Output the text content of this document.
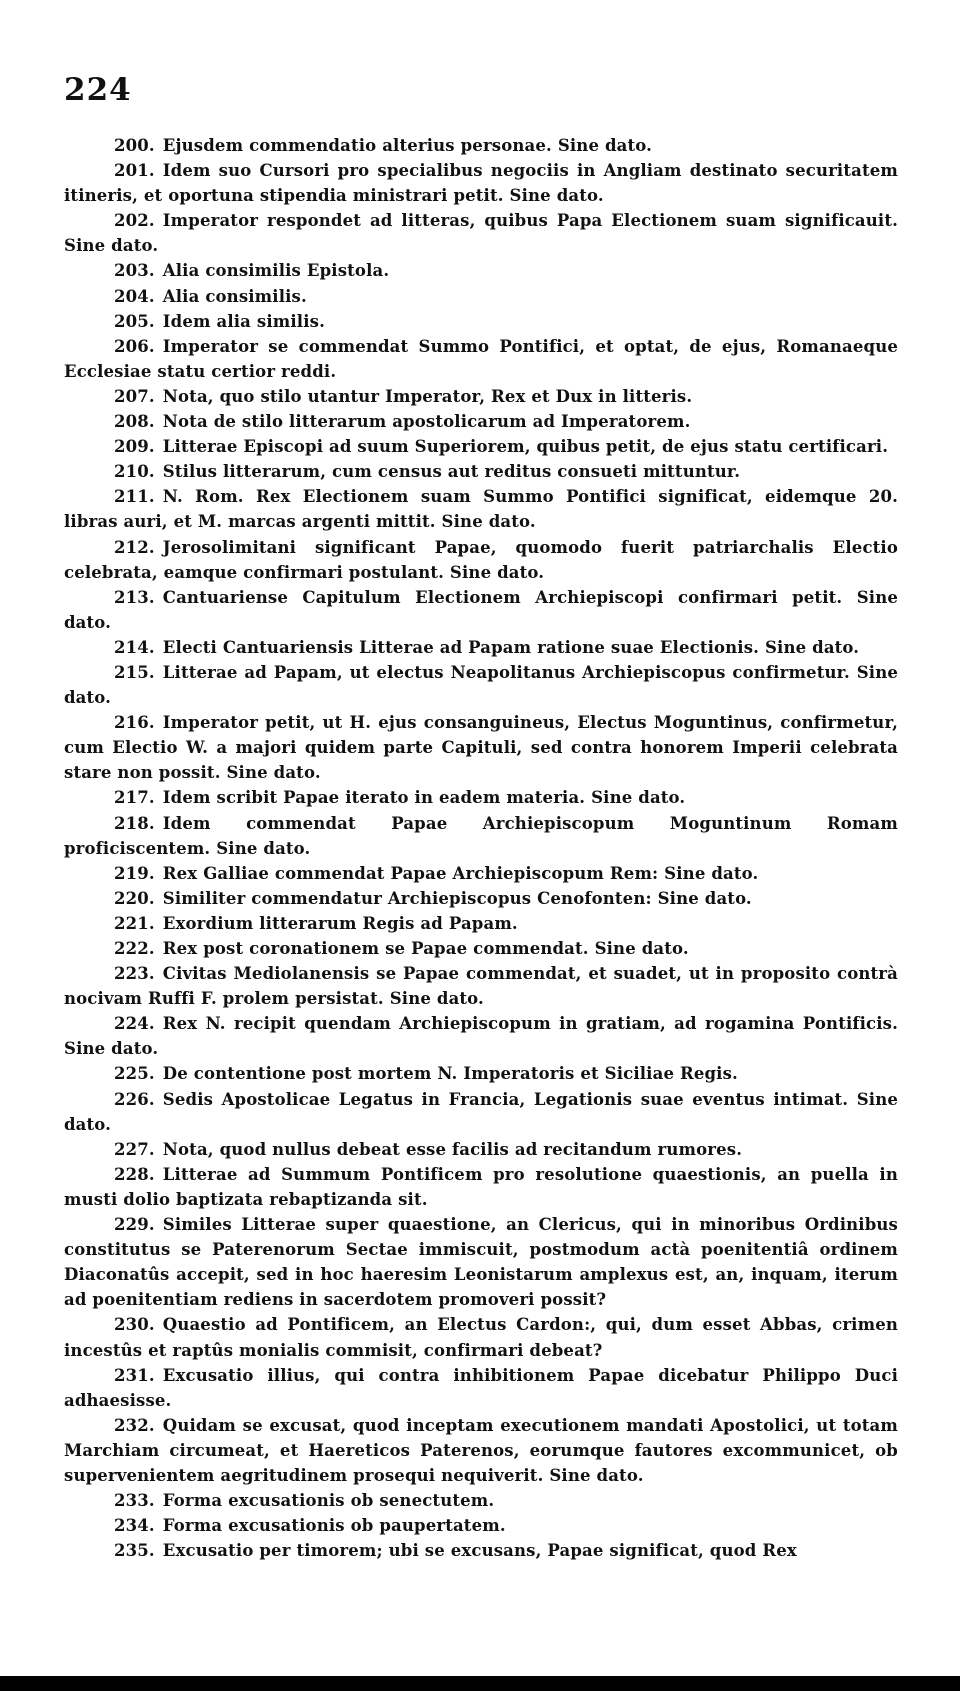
224

200. Ejusdem commendatio alterius personae. Sine dato.

201. Idem suo Cursori pro specialibus negociis in Angliam destinato securitatem itineris, et oportuna stipendia ministrari petit. Sine dato.

202. Imperator respondet ad litteras, quibus Papa Electionem suam significauit. Sine dato.

203. Alia consimilis Epistola.

204. Alia consimilis.

205. Idem alia similis.

206. Imperator se commendat Summo Pontifici, et optat, de ejus, Romanaeque Ecclesiae statu certior reddi.

207. Nota, quo stilo utantur Imperator, Rex et Dux in litteris.

208. Nota de stilo litterarum apostolicarum ad Imperatorem.

209. Litterae Episcopi ad suum Superiorem, quibus petit, de ejus statu certificari.

210. Stilus litterarum, cum census aut reditus consueti mittuntur.

211. N. Rom. Rex Electionem suam Summo Pontifici significat, eidemque 20. libras auri, et M. marcas argenti mittit. Sine dato.

212. Jerosolimitani significant Papae, quomodo fuerit patriarchalis Electio celebrata, eamque confirmari postulant. Sine dato.

213. Cantuariense Capitulum Electionem Archiepiscopi confirmari petit. Sine dato.

214. Electi Cantuariensis Litterae ad Papam ratione suae Electionis. Sine dato.

215. Litterae ad Papam, ut electus Neapolitanus Archiepiscopus confirmetur. Sine dato.

216. Imperator petit, ut H. ejus consanguineus, Electus Moguntinus, confirmetur, cum Electio W. a majori quidem parte Capituli, sed contra honorem Imperii celebrata stare non possit. Sine dato.

217. Idem scribit Papae iterato in eadem materia. Sine dato.

218. Idem commendat Papae Archiepiscopum Moguntinum Romam proficiscentem. Sine dato.

219. Rex Galliae commendat Papae Archiepiscopum Rem: Sine dato.

220. Similiter commendatur Archiepiscopus Cenofonten: Sine dato.

221. Exordium litterarum Regis ad Papam.

222. Rex post coronationem se Papae commendat. Sine dato.

223. Civitas Mediolanensis se Papae commendat, et suadet, ut in proposito contrà nocivam Ruffi F. prolem persistat. Sine dato.

224. Rex N. recipit quendam Archiepiscopum in gratiam, ad rogamina Pontificis. Sine dato.

225. De contentione post mortem N. Imperatoris et Siciliae Regis.

226. Sedis Apostolicae Legatus in Francia, Legationis suae eventus intimat. Sine dato.

227. Nota, quod nullus debeat esse facilis ad recitandum rumores.

228. Litterae ad Summum Pontificem pro resolutione quaestionis, an puella in musti dolio baptizata rebaptizanda sit.

229. Similes Litterae super quaestione, an Clericus, qui in minoribus Ordinibus constitutus se Paterenorum Sectae immiscuit, postmodum actà poenitentiâ ordinem Diaconatûs accepit, sed in hoc haeresim Leonistarum amplexus est, an, inquam, iterum ad poenitentiam rediens in sacerdotem promoveri possit?

230. Quaestio ad Pontificem, an Electus Cardon:, qui, dum esset Abbas, crimen incestûs et raptûs monialis commisit, confirmari debeat?

231. Excusatio illius, qui contra inhibitionem Papae dicebatur Philippo Duci adhaesisse.

232. Quidam se excusat, quod inceptam executionem mandati Apostolici, ut totam Marchiam circumeat, et Haereticos Paterenos, eorumque fautores excommunicet, ob supervenientem aegritudinem prosequi nequiverit. Sine dato.

233. Forma excusationis ob senectutem.

234. Forma excusationis ob paupertatem.

235. Excusatio per timorem; ubi se excusans, Papae significat, quod Rex
